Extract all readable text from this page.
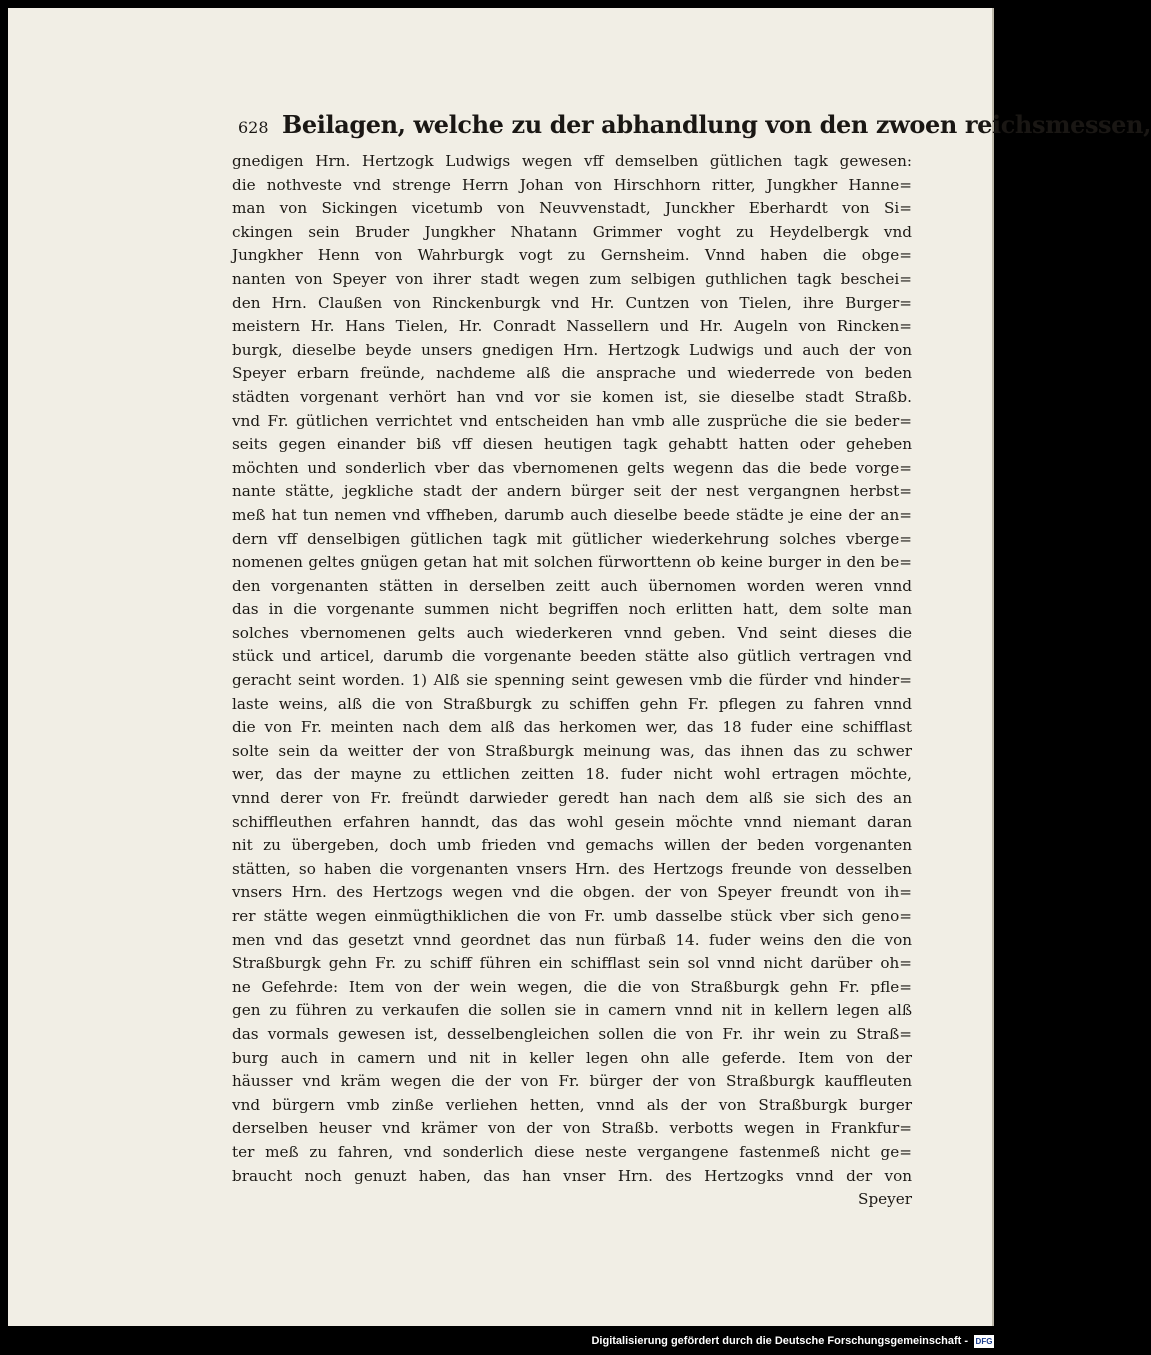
628 Beilagen, welche zu der abhandlung von den zwoen reichsmessen,
gnedigen Hrn. Hertzogk Ludwigs wegen vff demselben gütlichen tagk gewesen:
die nothveste vnd strenge Herrn Johan von Hirschhorn ritter, Jungkher Hanne=
man von Sickingen vicetumb von Neuvvenstadt, Junckher Eberhardt von Si=
ckingen sein Bruder Jungkher Nhatann Grimmer voght zu Heydelbergk vnd
Jungkher Henn von Wahrburgk vogt zu Gernsheim. Vnnd haben die obge=
nanten von Speyer von ihrer stadt wegen zum selbigen guthlichen tagk beschei=
den Hrn. Claußen von Rinckenburgk vnd Hr. Cuntzen von Tielen, ihre Burger=
meistern Hr. Hans Tielen, Hr. Conradt Nassellern und Hr. Augeln von Rincken=
burgk, dieselbe beyde unsers gnedigen Hrn. Hertzogk Ludwigs und auch der von
Speyer erbarn freünde, nachdeme alß die ansprache und wiederrede von beden
städten vorgenant verhört han vnd vor sie komen ist, sie dieselbe stadt Straßb.
vnd Fr. gütlichen verrichtet vnd entscheiden han vmb alle zusprüche die sie beder=
seits gegen einander biß vff diesen heutigen tagk gehabtt hatten oder geheben
möchten und sonderlich vber das vbernomenen gelts wegenn das die bede vorge=
nante stätte, jegkliche stadt der andern bürger seit der nest vergangnen herbst=
meß hat tun nemen vnd vffheben, darumb auch dieselbe beede städte je eine der an=
dern vff denselbigen gütlichen tagk mit gütlicher wiederkehrung solches vberge=
nomenen geltes gnügen getan hat mit solchen fürworttenn ob keine burger in den be=
den vorgenanten stätten in derselben zeitt auch übernomen worden weren vnnd
das in die vorgenante summen nicht begriffen noch erlitten hatt, dem solte man
solches vbernomenen gelts auch wiederkeren vnnd geben. Vnd seint dieses die
stück und articel, darumb die vorgenante beeden stätte also gütlich vertragen vnd
geracht seint worden. 1) Alß sie spenning seint gewesen vmb die fürder vnd hinder=
laste weins, alß die von Straßburgk zu schiffen gehn Fr. pflegen zu fahren vnnd
die von Fr. meinten nach dem alß das herkomen wer, das 18 fuder eine schifflast
solte sein da weitter der von Straßburgk meinung was, das ihnen das zu schwer
wer, das der mayne zu ettlichen zeitten 18. fuder nicht wohl ertragen möchte,
vnnd derer von Fr. freündt darwieder geredt han nach dem alß sie sich des an
schiffleuthen erfahren hanndt, das das wohl gesein möchte vnnd niemant daran
nit zu übergeben, doch umb frieden vnd gemachs willen der beden vorgenanten
stätten, so haben die vorgenanten vnsers Hrn. des Hertzogs freunde von desselben
vnsers Hrn. des Hertzogs wegen vnd die obgen. der von Speyer freundt von ih=
rer stätte wegen einmügthiklichen die von Fr. umb dasselbe stück vber sich geno=
men vnd das gesetzt vnnd geordnet das nun fürbaß 14. fuder weins den die von
Straßburgk gehn Fr. zu schiff führen ein schifflast sein sol vnnd nicht darüber oh=
ne Gefehrde: Item von der wein wegen, die die von Straßburgk gehn Fr. pfle=
gen zu führen zu verkaufen die sollen sie in camern vnnd nit in kellern legen alß
das vormals gewesen ist, desselbengleichen sollen die von Fr. ihr wein zu Straß=
burg auch in camern und nit in keller legen ohn alle geferde. Item von der
häusser vnd kräm wegen die der von Fr. bürger der von Straßburgk kauffleuten
vnd bürgern vmb zinße verliehen hetten, vnnd als der von Straßburgk burger
derselben heuser vnd krämer von der von Straßb. verbotts wegen in Frankfur=
ter meß zu fahren, vnd sonderlich diese neste vergangene fastenmeß nicht ge=
braucht noch genuzt haben, das han vnser Hrn. des Hertzogks vnnd der von
Speyer
Digitalisierung gefördert durch die Deutsche Forschungsgemeinschaft - DFG
